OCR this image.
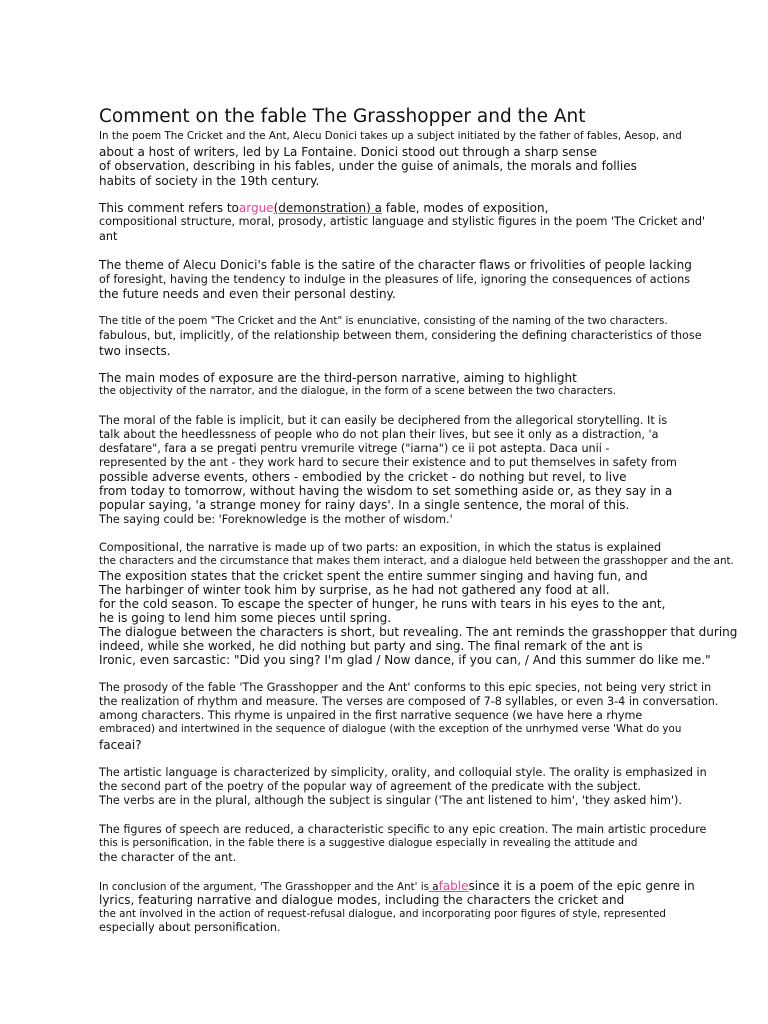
Comment on the fable The Grasshopper and the Ant
In the poem The Cricket and the Ant, Alecu Donici takes up a subject initiated by the father of fables, Aesop, and
about a host of writers, led by La Fontaine. Donici stood out through a sharp sense
of observation, describing in his fables, under the guise of animals, the morals and follies
habits of society in the 19th century.
This comment refers toargue(demonstration) a fable, modes of exposition,
compositional structure, moral, prosody, artistic language and stylistic figures in the poem 'The Cricket and'
ant
The theme of Alecu Donici's fable is the satire of the character flaws or frivolities of people lacking
of foresight, having the tendency to indulge in the pleasures of life, ignoring the consequences of actions
the future needs and even their personal destiny.
The title of the poem "The Cricket and the Ant" is enunciative, consisting of the naming of the two characters.
fabulous, but, implicitly, of the relationship between them, considering the defining characteristics of those
two insects.
The main modes of exposure are the third-person narrative, aiming to highlight
the objectivity of the narrator, and the dialogue, in the form of a scene between the two characters.
The moral of the fable is implicit, but it can easily be deciphered from the allegorical storytelling. It is
talk about the heedlessness of people who do not plan their lives, but see it only as a distraction, 'a
desfatare", fara a se pregati pentru vremurile vitrege ("iarna") ce ii pot astepta. Daca unii -
represented by the ant - they work hard to secure their existence and to put themselves in safety from
possible adverse events, others - embodied by the cricket - do nothing but revel, to live
from today to tomorrow, without having the wisdom to set something aside or, as they say in a
popular saying, 'a strange money for rainy days'. In a single sentence, the moral of this.
The saying could be: 'Foreknowledge is the mother of wisdom.'
Compositional, the narrative is made up of two parts: an exposition, in which the status is explained
the characters and the circumstance that makes them interact, and a dialogue held between the grasshopper and the ant.
The exposition states that the cricket spent the entire summer singing and having fun, and
The harbinger of winter took him by surprise, as he had not gathered any food at all.
for the cold season. To escape the specter of hunger, he runs with tears in his eyes to the ant,
he is going to lend him some pieces until spring.
The dialogue between the characters is short, but revealing. The ant reminds the grasshopper that during
indeed, while she worked, he did nothing but party and sing. The final remark of the ant is
Ironic, even sarcastic: "Did you sing? I'm glad / Now dance, if you can, / And this summer do like me."
The prosody of the fable 'The Grasshopper and the Ant' conforms to this epic species, not being very strict in
the realization of rhythm and measure. The verses are composed of 7-8 syllables, or even 3-4 in conversation.
among characters. This rhyme is unpaired in the first narrative sequence (we have here a rhyme
embraced) and intertwined in the sequence of dialogue (with the exception of the unrhymed verse 'What do you
faceai?
The artistic language is characterized by simplicity, orality, and colloquial style. The orality is emphasized in
the second part of the poetry of the popular way of agreement of the predicate with the subject.
The verbs are in the plural, although the subject is singular ('The ant listened to him', 'they asked him').
The figures of speech are reduced, a characteristic specific to any epic creation. The main artistic procedure
this is personification, in the fable there is a suggestive dialogue especially in revealing the attitude and
the character of the ant.
In conclusion of the argument, 'The Grasshopper and the Ant' is afablesince it is a poem of the epic genre in
lyrics, featuring narrative and dialogue modes, including the characters the cricket and
the ant involved in the action of request-refusal dialogue, and incorporating poor figures of style, represented
especially about personification.
